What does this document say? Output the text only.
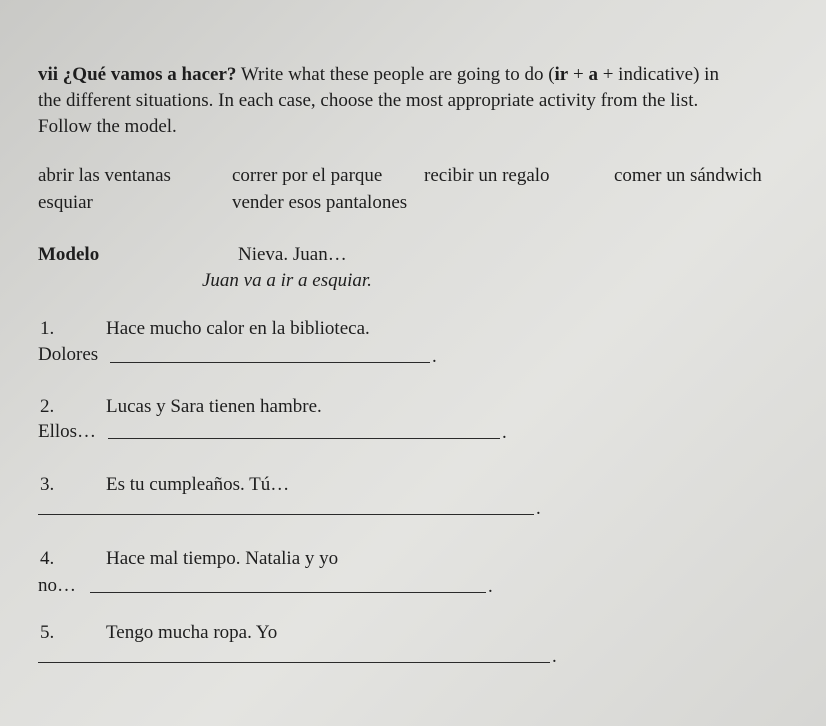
vii ¿Qué vamos a hacer? Write what these people are going to do (ir + a + indicative) in
the different situations. In each case, choose the most appropriate activity from the list.
Follow the model.
abrir las ventanas	correr por el parque recibir un regalo	comer un sándwich
esquiar	vender esos pantalones
Modelo	Nieva. Juan…
Juan va a ir a esquiar.
1.	Hace mucho calor en la biblioteca.
Dolores	.
2.	Lucas y Sara tienen hambre.
Ellos…	.
3.	Es tu cumpleaños. Tú…
.
4.	Hace mal tiempo. Natalia y yo
no…	.
5.	Tengo mucha ropa. Yo
.
